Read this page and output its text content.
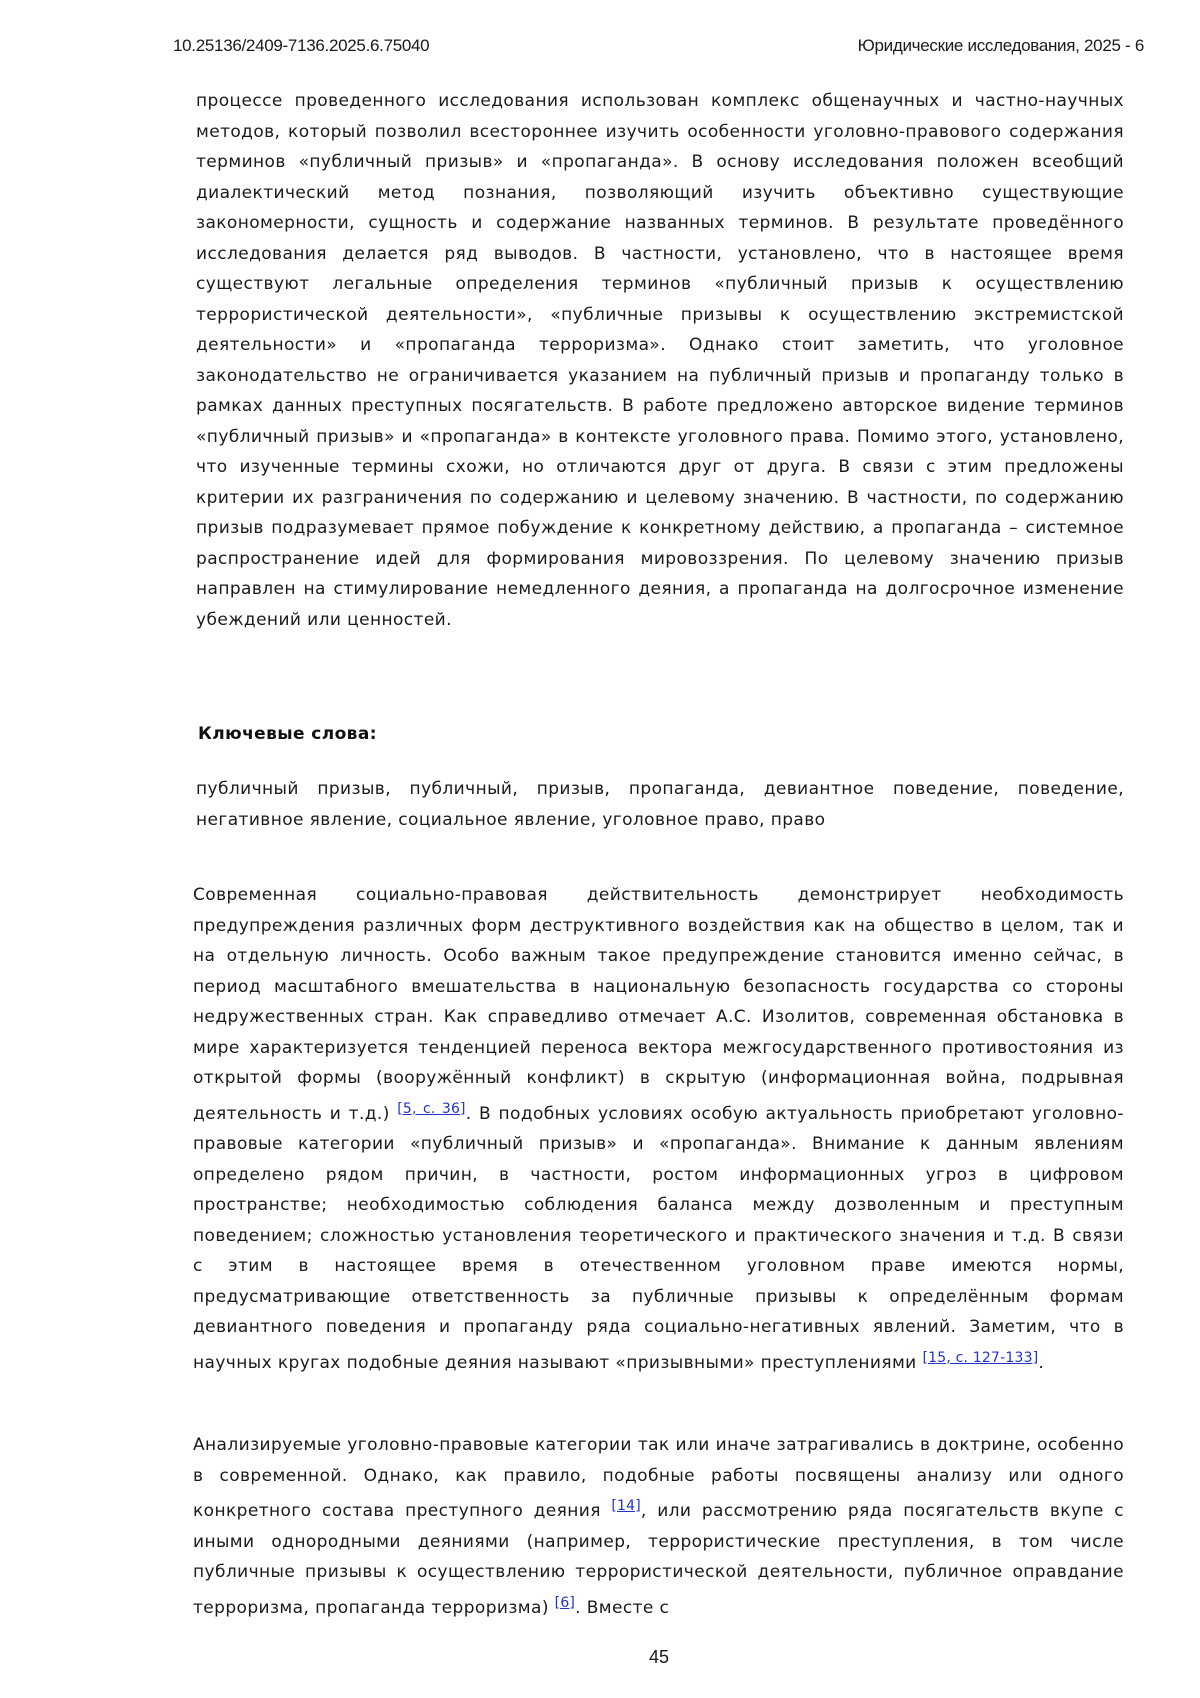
10.25136/2409-7136.2025.6.75040	Юридические исследования, 2025 - 6

процессе проведенного исследования использован комплекс общенаучных и частно-научных методов, который позволил всестороннее изучить особенности уголовно-правового содержания терминов «публичный призыв» и «пропаганда». В основу исследования положен всеобщий диалектический метод познания, позволяющий изучить объективно существующие закономерности, сущность и содержание названных терминов. В результате проведённого исследования делается ряд выводов. В частности, установлено, что в настоящее время существуют легальные определения терминов «публичный призыв к осуществлению террористической деятельности», «публичные призывы к осуществлению экстремистской деятельности» и «пропаганда терроризма». Однако стоит заметить, что уголовное законодательство не ограничивается указанием на публичный призыв и пропаганду только в рамках данных преступных посягательств. В работе предложено авторское видение терминов «публичный призыв» и «пропаганда» в контексте уголовного права. Помимо этого, установлено, что изученные термины схожи, но отличаются друг от друга. В связи с этим предложены критерии их разграничения по содержанию и целевому значению. В частности, по содержанию призыв подразумевает прямое побуждение к конкретному действию, а пропаганда – системное распространение идей для формирования мировоззрения. По целевому значению призыв направлен на стимулирование немедленного деяния, а пропаганда на долгосрочное изменение убеждений или ценностей.

Ключевые слова:

публичный призыв, публичный, призыв, пропаганда, девиантное поведение, поведение, негативное явление, социальное явление, уголовное право, право

Современная социально-правовая действительность демонстрирует необходимость предупреждения различных форм деструктивного воздействия как на общество в целом, так и на отдельную личность. Особо важным такое предупреждение становится именно сейчас, в период масштабного вмешательства в национальную безопасность государства со стороны недружественных стран. Как справедливо отмечает А.С. Изолитов, современная обстановка в мире характеризуется тенденцией переноса вектора межгосударственного противостояния из открытой формы (вооружённый конфликт) в скрытую (информационная война, подрывная деятельность и т.д.) [5, с. 36]. В подобных условиях особую актуальность приобретают уголовно-правовые категории «публичный призыв» и «пропаганда». Внимание к данным явлениям определено рядом причин, в частности, ростом информационных угроз в цифровом пространстве; необходимостью соблюдения баланса между дозволенным и преступным поведением; сложностью установления теоретического и практического значения и т.д. В связи с этим в настоящее время в отечественном уголовном праве имеются нормы, предусматривающие ответственность за публичные призывы к определённым формам девиантного поведения и пропаганду ряда социально-негативных явлений. Заметим, что в научных кругах подобные деяния называют «призывными» преступлениями [15, с. 127-133].

Анализируемые уголовно-правовые категории так или иначе затрагивались в доктрине, особенно в современной. Однако, как правило, подобные работы посвящены анализу или одного конкретного состава преступного деяния [14], или рассмотрению ряда посягательств вкупе с иными однородными деяниями (например, террористические преступления, в том числе публичные призывы к осуществлению террористической деятельности, публичное оправдание терроризма, пропаганда терроризма) [6]. Вместе с

45
